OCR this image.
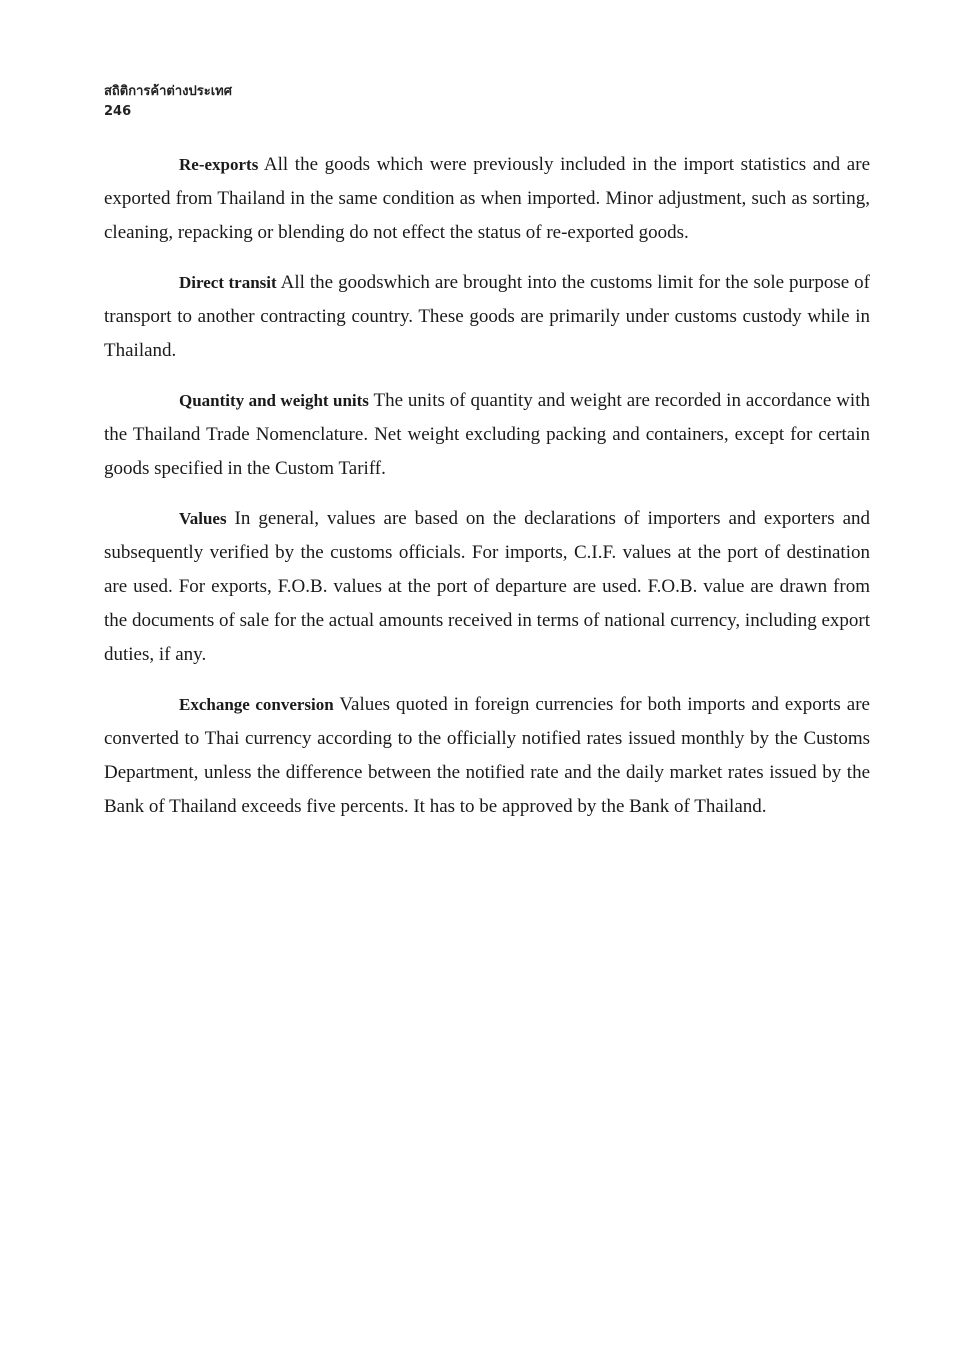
สถิติการค้าต่างประเทศ
246

Re-exports All the goods which were previously included in the import statistics and are exported from Thailand in the same condition as when imported. Minor adjustment, such as sorting, cleaning, repacking or blending do not effect the status of re-exported goods.

Direct transit All the goodswhich are brought into the customs limit for the sole purpose of transport to another contracting country. These goods are primarily under customs custody while in Thailand.

Quantity and weight units The units of quantity and weight are recorded in accordance with the Thailand Trade Nomenclature. Net weight excluding packing and containers, except for certain goods specified in the Custom Tariff.

Values In general, values are based on the declarations of importers and exporters and subsequently verified by the customs officials. For imports, C.I.F. values at the port of destination are used. For exports, F.O.B. values at the port of departure are used. F.O.B. value are drawn from the documents of sale for the actual amounts received in terms of national currency, including export duties, if any.

Exchange conversion Values quoted in foreign currencies for both imports and exports are converted to Thai currency according to the officially notified rates issued monthly by the Customs Department, unless the difference between the notified rate and the daily market rates issued by the Bank of Thailand exceeds five percents. It has to be approved by the Bank of Thailand.
